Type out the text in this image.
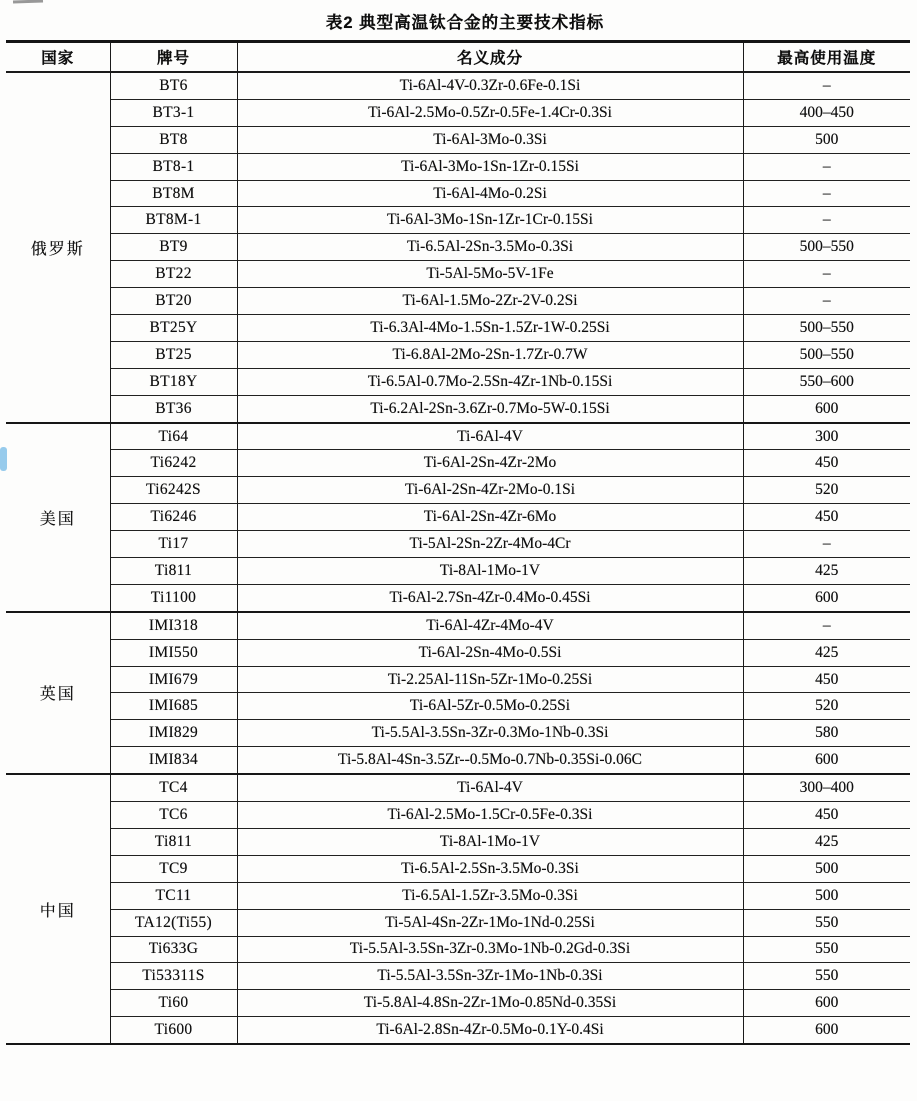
表2 典型高温钛合金的主要技术指标
国家	牌号	名义成分	最高使用温度
俄罗斯	BT6	Ti-6Al-4V-0.3Zr-0.6Fe-0.1Si	–
	BT3-1	Ti-6Al-2.5Mo-0.5Zr-0.5Fe-1.4Cr-0.3Si	400–450
	BT8	Ti-6Al-3Mo-0.3Si	500
	BT8-1	Ti-6Al-3Mo-1Sn-1Zr-0.15Si	–
	BT8M	Ti-6Al-4Mo-0.2Si	–
	BT8M-1	Ti-6Al-3Mo-1Sn-1Zr-1Cr-0.15Si	–
	BT9	Ti-6.5Al-2Sn-3.5Mo-0.3Si	500–550
	BT22	Ti-5Al-5Mo-5V-1Fe	–
	BT20	Ti-6Al-1.5Mo-2Zr-2V-0.2Si	–
	BT25Y	Ti-6.3Al-4Mo-1.5Sn-1.5Zr-1W-0.25Si	500–550
	BT25	Ti-6.8Al-2Mo-2Sn-1.7Zr-0.7W	500–550
	BT18Y	Ti-6.5Al-0.7Mo-2.5Sn-4Zr-1Nb-0.15Si	550–600
	BT36	Ti-6.2Al-2Sn-3.6Zr-0.7Mo-5W-0.15Si	600
美国	Ti64	Ti-6Al-4V	300
	Ti6242	Ti-6Al-2Sn-4Zr-2Mo	450
	Ti6242S	Ti-6Al-2Sn-4Zr-2Mo-0.1Si	520
	Ti6246	Ti-6Al-2Sn-4Zr-6Mo	450
	Ti17	Ti-5Al-2Sn-2Zr-4Mo-4Cr	–
	Ti811	Ti-8Al-1Mo-1V	425
	Ti1100	Ti-6Al-2.7Sn-4Zr-0.4Mo-0.45Si	600
英国	IMI318	Ti-6Al-4Zr-4Mo-4V	–
	IMI550	Ti-6Al-2Sn-4Mo-0.5Si	425
	IMI679	Ti-2.25Al-11Sn-5Zr-1Mo-0.25Si	450
	IMI685	Ti-6Al-5Zr-0.5Mo-0.25Si	520
	IMI829	Ti-5.5Al-3.5Sn-3Zr-0.3Mo-1Nb-0.3Si	580
	IMI834	Ti-5.8Al-4Sn-3.5Zr--0.5Mo-0.7Nb-0.35Si-0.06C	600
中国	TC4	Ti-6Al-4V	300–400
	TC6	Ti-6Al-2.5Mo-1.5Cr-0.5Fe-0.3Si	450
	Ti811	Ti-8Al-1Mo-1V	425
	TC9	Ti-6.5Al-2.5Sn-3.5Mo-0.3Si	500
	TC11	Ti-6.5Al-1.5Zr-3.5Mo-0.3Si	500
	TA12(Ti55)	Ti-5Al-4Sn-2Zr-1Mo-1Nd-0.25Si	550
	Ti633G	Ti-5.5Al-3.5Sn-3Zr-0.3Mo-1Nb-0.2Gd-0.3Si	550
	Ti53311S	Ti-5.5Al-3.5Sn-3Zr-1Mo-1Nb-0.3Si	550
	Ti60	Ti-5.8Al-4.8Sn-2Zr-1Mo-0.85Nd-0.35Si	600
	Ti600	Ti-6Al-2.8Sn-4Zr-0.5Mo-0.1Y-0.4Si	600
